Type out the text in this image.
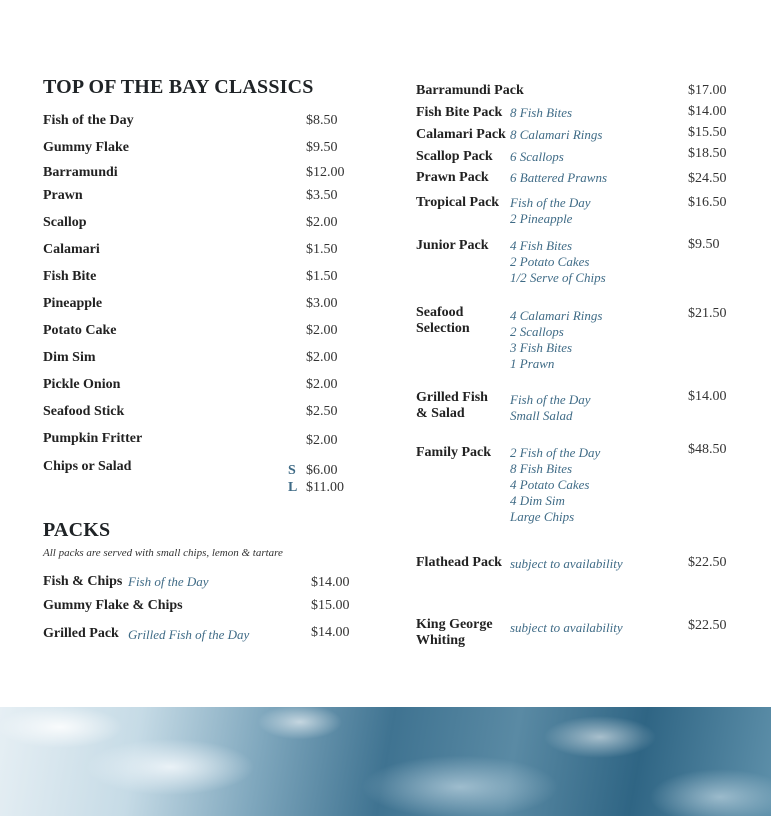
TOP OF THE BAY CLASSICS
Fish of the Day	$8.50
Gummy Flake	$9.50
Barramundi	$12.00
Prawn	$3.50
Scallop	$2.00
Calamari	$1.50
Fish Bite	$1.50
Pineapple	$3.00
Potato Cake	$2.00
Dim Sim	$2.00
Pickle Onion	$2.00
Seafood Stick	$2.50
Pumpkin Fritter	$2.00
Chips or Salad	S $6.00
L $11.00
PACKS
All packs are served with small chips, lemon & tartare
Fish & Chips Fish of the Day	$14.00
Gummy Flake & Chips	$15.00
Grilled Pack Grilled Fish of the Day	$14.00
Barramundi Pack	$17.00
Fish Bite Pack 8 Fish Bites	$14.00
Calamari Pack 8 Calamari Rings	$15.50
Scallop Pack 6 Scallops	$18.50
Prawn Pack 6 Battered Prawns	$24.50
Tropical Pack Fish of the Day
2 Pineapple
$16.50
Junior Pack 4 Fish Bites
2 Potato Cakes
1/2 Serve of Chips
$9.50
Seafood
Selection
4 Calamari Rings
2 Scallops
3 Fish Bites
1 Prawn
$21.50
Grilled Fish
& Salad
Fish of the Day
Small Salad
$14.00
Family Pack 2 Fish of the Day
8 Fish Bites
4 Potato Cakes
4 Dim Sim
Large Chips
$48.50
Flathead Pack subject to availability	$22.50
King George
Whiting
subject to availability	$22.50
